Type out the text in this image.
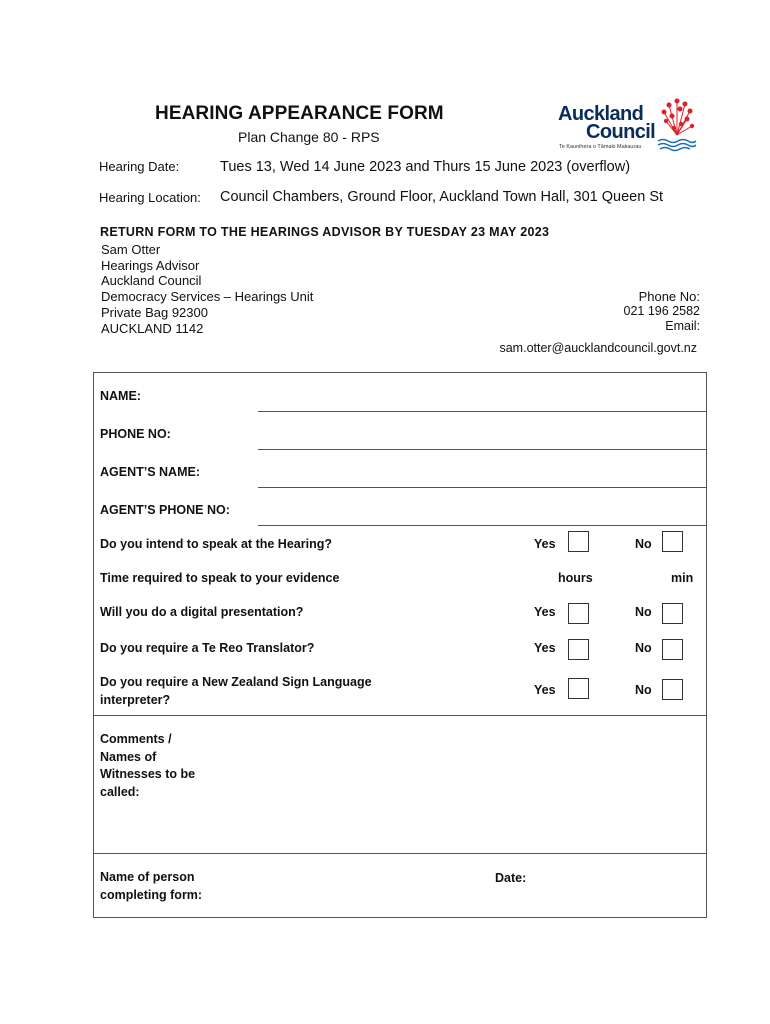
HEARING APPEARANCE FORM
Plan Change 80 - RPS
Auckland
Council
Te Kaunihera o Tāmaki Makaurau
Hearing Date:	Tues 13, Wed 14 June 2023 and Thurs 15 June 2023 (overflow)
Hearing Location: Council Chambers, Ground Floor, Auckland Town Hall, 301 Queen St
RETURN FORM TO THE HEARINGS ADVISOR BY TUESDAY 23 MAY 2023
Sam Otter
Hearings Advisor
Auckland Council
Democracy Services – Hearings Unit
Private Bag 92300
AUCKLAND 1142
Phone No:
021 196 2582
Email:
sam.otter@aucklandcouncil.govt.nz
NAME:
PHONE NO:
AGENT’S NAME:
AGENT’S PHONE NO:
Do you intend to speak at the Hearing?	Yes	No
Time required to speak to your evidence	hours	min
Will you do a digital presentation?	Yes	No
Do you require a Te Reo Translator?	Yes	No
Do you require a New Zealand Sign Language
interpreter?
Yes	No
Comments /
Names of
Witnesses to be
called:
Name of person
completing form:
Date:
